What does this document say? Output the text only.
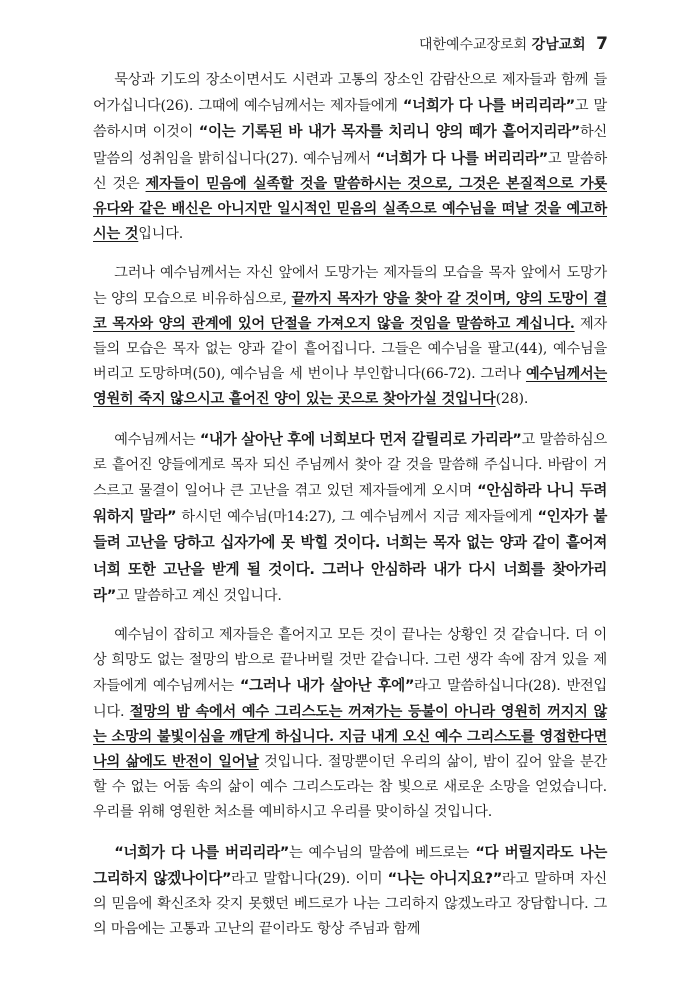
대한예수교장로회 강남교회 7

묵상과 기도의 장소이면서도 시련과 고통의 장소인 감람산으로 제자들과 함께 들어가십니다(26). 그때에 예수님께서는 제자들에게 “너희가 다 나를 버리리라”고 말씀하시며 이것이 “이는 기록된 바 내가 목자를 치리니 양의 떼가 흩어지리라”하신 말씀의 성취임을 밝히십니다(27). 예수님께서 “너희가 다 나를 버리리라”고 말씀하신 것은 제자들이 믿음에 실족할 것을 말씀하시는 것으로, 그것은 본질적으로 가룟 유다와 같은 배신은 아니지만 일시적인 믿음의 실족으로 예수님을 떠날 것을 예고하시는 것입니다.

그러나 예수님께서는 자신 앞에서 도망가는 제자들의 모습을 목자 앞에서 도망가는 양의 모습으로 비유하심으로, 끝까지 목자가 양을 찾아 갈 것이며, 양의 도망이 결코 목자와 양의 관계에 있어 단절을 가져오지 않을 것임을 말씀하고 계십니다. 제자들의 모습은 목자 없는 양과 같이 흩어집니다. 그들은 예수님을 팔고(44), 예수님을 버리고 도망하며(50), 예수님을 세 번이나 부인합니다(66-72). 그러나 예수님께서는 영원히 죽지 않으시고 흩어진 양이 있는 곳으로 찾아가실 것입니다(28).

예수님께서는 “내가 살아난 후에 너희보다 먼저 갈릴리로 가리라”고 말씀하심으로 흩어진 양들에게로 목자 되신 주님께서 찾아 갈 것을 말씀해 주십니다. 바람이 거스르고 물결이 일어나 큰 고난을 겪고 있던 제자들에게 오시며 “안심하라 나니 두려워하지 말라” 하시던 예수님(마14:27), 그 예수님께서 지금 제자들에게 “인자가 붙들려 고난을 당하고 십자가에 못 박힐 것이다. 너희는 목자 없는 양과 같이 흩어져 너희 또한 고난을 받게 될 것이다. 그러나 안심하라 내가 다시 너희를 찾아가리라”고 말씀하고 계신 것입니다.

예수님이 잡히고 제자들은 흩어지고 모든 것이 끝나는 상황인 것 같습니다. 더 이상 희망도 없는 절망의 밤으로 끝나버릴 것만 같습니다. 그런 생각 속에 잠겨 있을 제자들에게 예수님께서는 “그러나 내가 살아난 후에”라고 말씀하십니다(28). 반전입니다. 절망의 밤 속에서 예수 그리스도는 꺼져가는 등불이 아니라 영원히 꺼지지 않는 소망의 불빛이심을 깨닫게 하십니다. 지금 내게 오신 예수 그리스도를 영접한다면 나의 삶에도 반전이 일어날 것입니다. 절망뿐이던 우리의 삶이, 밤이 깊어 앞을 분간할 수 없는 어둠 속의 삶이 예수 그리스도라는 참 빛으로 새로운 소망을 얻었습니다. 우리를 위해 영원한 처소를 예비하시고 우리를 맞이하실 것입니다.

“너희가 다 나를 버리리라”는 예수님의 말씀에 베드로는 “다 버릴지라도 나는 그리하지 않겠나이다”라고 말합니다(29). 이미 “나는 아니지요?”라고 말하며 자신의 믿음에 확신조차 갖지 못했던 베드로가 나는 그리하지 않겠노라고 장담합니다. 그의 마음에는 고통과 고난의 끝이라도 항상 주님과 함께
